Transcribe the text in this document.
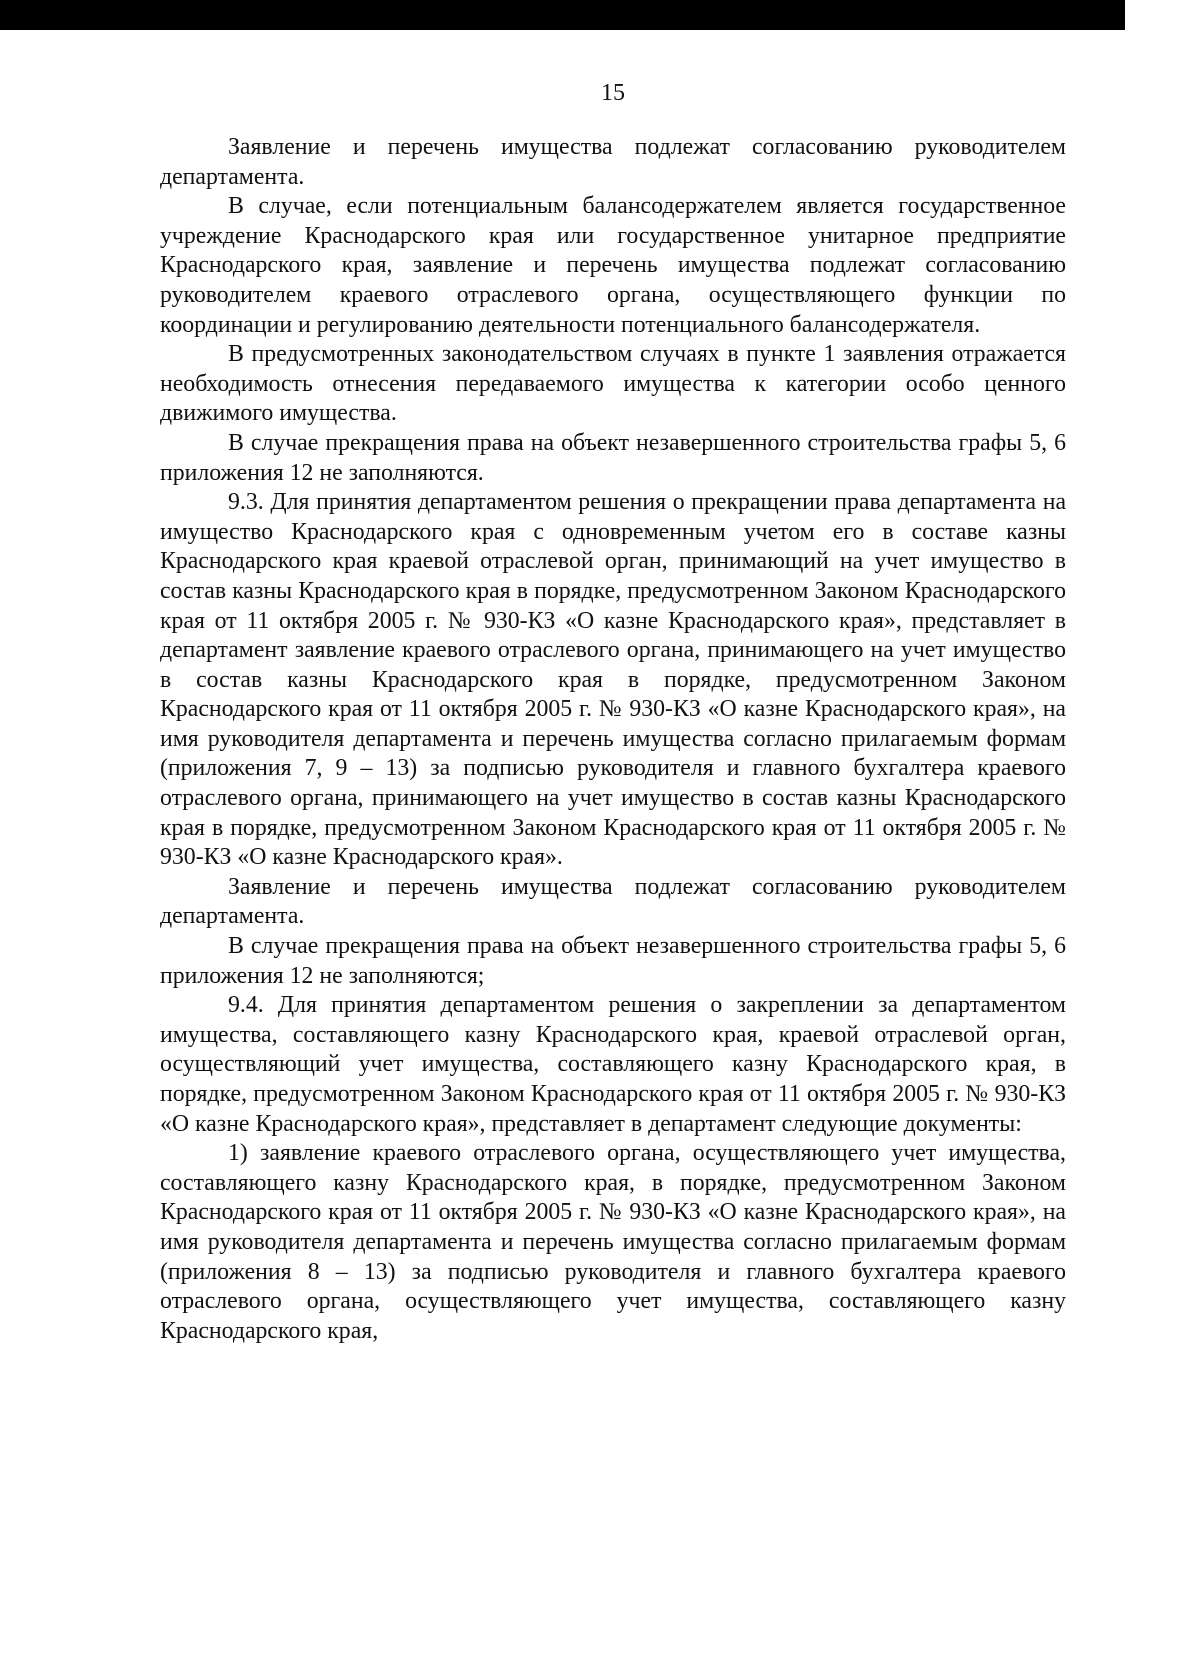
15

Заявление и перечень имущества подлежат согласованию руководителем департамента.

В случае, если потенциальным балансодержателем является государственное учреждение Краснодарского края или государственное унитарное предприятие Краснодарского края, заявление и перечень имущества подлежат согласованию руководителем краевого отраслевого органа, осуществляющего функции по координации и регулированию деятельности потенциального балансодержателя.

В предусмотренных законодательством случаях в пункте 1 заявления отражается необходимость отнесения передаваемого имущества к категории особо ценного движимого имущества.

В случае прекращения права на объект незавершенного строительства графы 5, 6 приложения 12 не заполняются.

9.3. Для принятия департаментом решения о прекращении права департамента на имущество Краснодарского края с одновременным учетом его в составе казны Краснодарского края краевой отраслевой орган, принимающий на учет имущество в состав казны Краснодарского края в порядке, предусмотренном Законом Краснодарского края от 11 октября 2005 г. № 930-КЗ «О казне Краснодарского края», представляет в департамент заявление краевого отраслевого органа, принимающего на учет имущество в состав казны Краснодарского края в порядке, предусмотренном Законом Краснодарского края от 11 октября 2005 г. № 930-КЗ «О казне Краснодарского края», на имя руководителя департамента и перечень имущества согласно прилагаемым формам (приложения 7, 9 – 13) за подписью руководителя и главного бухгалтера краевого отраслевого органа, принимающего на учет имущество в состав казны Краснодарского края в порядке, предусмотренном Законом Краснодарского края от 11 октября 2005 г. № 930-КЗ «О казне Краснодарского края».

Заявление и перечень имущества подлежат согласованию руководителем департамента.

В случае прекращения права на объект незавершенного строительства графы 5, 6 приложения 12 не заполняются;

9.4. Для принятия департаментом решения о закреплении за департаментом имущества, составляющего казну Краснодарского края, краевой отраслевой орган, осуществляющий учет имущества, составляющего казну Краснодарского края, в порядке, предусмотренном Законом Краснодарского края от 11 октября 2005 г. № 930-КЗ «О казне Краснодарского края», представляет в департамент следующие документы:

1) заявление краевого отраслевого органа, осуществляющего учет имущества, составляющего казну Краснодарского края, в порядке, предусмотренном Законом Краснодарского края от 11 октября 2005 г. № 930-КЗ «О казне Краснодарского края», на имя руководителя департамента и перечень имущества согласно прилагаемым формам (приложения 8 – 13) за подписью руководителя и главного бухгалтера краевого отраслевого органа, осуществляющего учет имущества, составляющего казну Краснодарского края,
